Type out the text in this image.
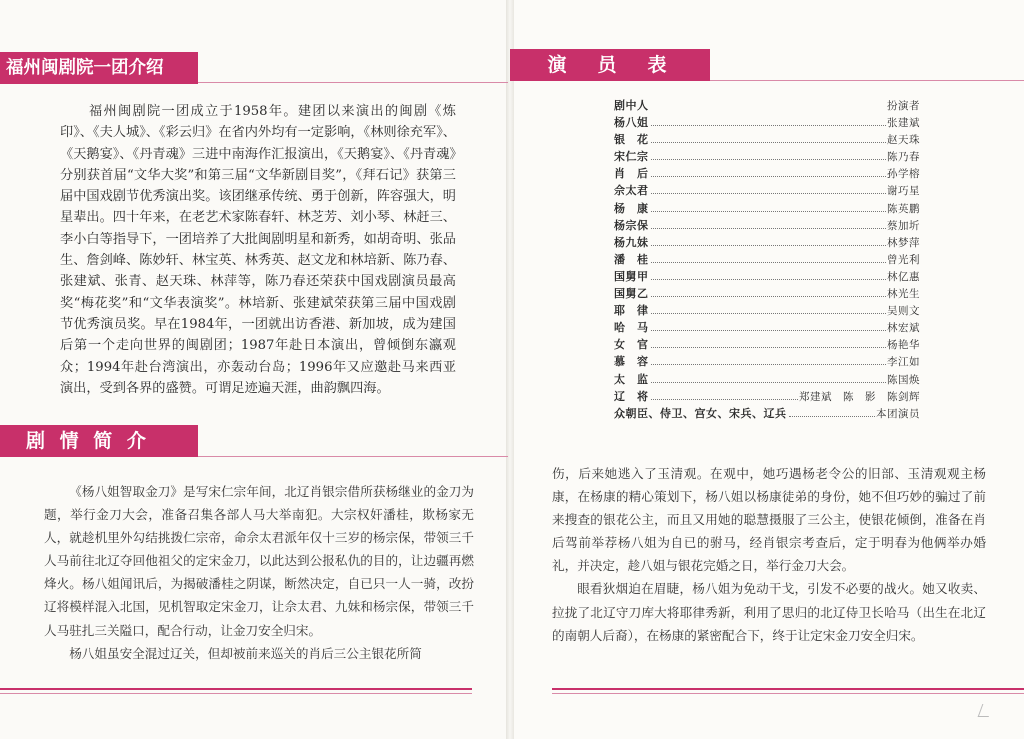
福州闽剧院一团介绍

　　福州闽剧院一团成立于1958年。建团以来演出的闽剧《炼印》、《夫人城》、《彩云归》在省内外均有一定影响，《林则徐充军》、《天鹅宴》、《丹青魂》三进中南海作汇报演出，《天鹅宴》、《丹青魂》分别获首届“文华大奖”和第三届“文华新剧目奖”，《拜石记》获第三届中国戏剧节优秀演出奖。该团继承传统、勇于创新，阵容强大，明星辈出。四十年来，在老艺术家陈春轩、林芝芳、刘小琴、林赶三、李小白等指导下，一团培养了大批闽剧明星和新秀，如胡奇明、张品生、詹剑峰、陈妙轩、林宝英、林秀英、赵文龙和林培新、陈乃春、张建斌、张青、赵天珠、林萍等，陈乃春还荣获中国戏剧演员最高奖“梅花奖”和“文华表演奖”。林培新、张建斌荣获第三届中国戏剧节优秀演员奖。早在1984年，一团就出访香港、新加坡，成为建国后第一个走向世界的闽剧团；1987年赴日本演出，曾倾倒东瀛观众；1994年赴台湾演出，亦轰动台岛；1996年又应邀赴马来西亚演出，受到各界的盛赞。可谓足迹遍天涯，曲韵飘四海。

剧 情 简 介

《杨八姐智取金刀》是写宋仁宗年间，北辽肖银宗借所获杨继业的金刀为题，举行金刀大会，准备召集各部人马大举南犯。大宗权奸潘桂，欺杨家无人，就趁机里外勾结挑拨仁宗帝，命佘太君派年仅十三岁的杨宗保，带领三千人马前往北辽夺回他祖父的定宋金刀，以此达到公报私仇的目的，让边疆再燃烽火。杨八姐闻讯后，为揭破潘桂之阴谋，断然决定，自已只一人一骑，改扮辽将模样混入北国，见机智取定宋金刀，让佘太君、九妹和杨宗保，带领三千人马驻扎三关隘口，配合行动，让金刀安全归宋。

杨八姐虽安全混过辽关，但却被前来巡关的肖后三公主银花所简

演　员　表
剧中人	扮演者
杨八姐	张建斌
银　花	赵天珠
宋仁宗	陈乃春
肖　后	孙学榕
佘太君	谢巧星
杨　康	陈英鹏
杨宗保	蔡加圻
杨九妹	林梦萍
潘　桂	曾光利
国舅甲	林亿惠
国舅乙	林光生
耶　律	吴则文
哈　马	林宏斌
女　官	杨艳华
慕　容	李江如
太　监	陈国焕
辽　将	郑建斌　陈　影　陈剑辉
众朝臣、侍卫、宫女、宋兵、辽兵	本团演员

伤，后来她逃入了玉清观。在观中，她巧遇杨老令公的旧部、玉清观观主杨康，在杨康的精心策划下，杨八姐以杨康徒弟的身份，她不但巧妙的骗过了前来搜查的银花公主，而且又用她的聪慧摄服了三公主，使银花倾倒，准备在肖后驾前举荐杨八姐为自已的驸马，经肖银宗考查后，定于明春为他俩举办婚礼，并决定，趁八姐与银花完婚之日，举行金刀大会。

眼看狄烟迫在眉睫，杨八姐为免动干戈，引发不必要的战火。她又收卖、拉拢了北辽守刀库大将耶律秀新，利用了思归的北辽侍卫长哈马（出生在北辽的南朝人后裔），在杨康的紧密配合下，终于让定宋金刀安全归宋。
